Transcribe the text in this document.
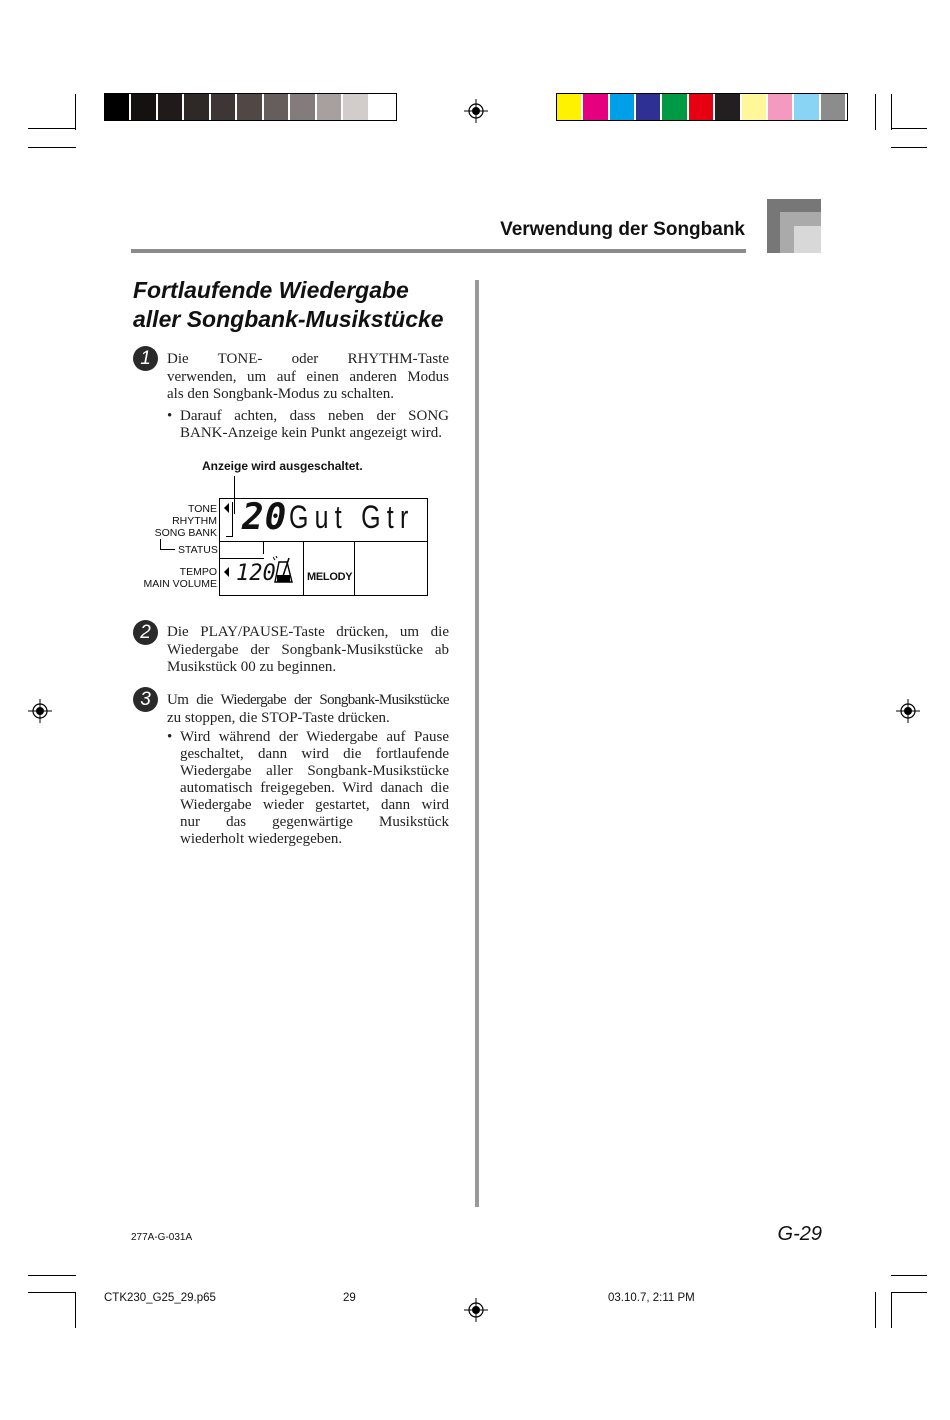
Verwendung der Songbank
Fortlaufende Wiedergabe
aller Songbank-Musikstücke
1	Die TONE- oder RHYTHM-Taste
verwenden, um auf einen anderen Modus
als den Songbank-Modus zu schalten.
• Darauf achten, dass neben der SONG
BANK-Anzeige kein Punkt angezeigt wird.
Anzeige wird ausgeschaltet.
TONE
RHYTHM
SONG BANK
STATUS
TEMPO
MAIN VOLUME
20 Gut Gtr
120	MELODY
2	Die PLAY/PAUSE-Taste drücken, um die
Wiedergabe der Songbank-Musikstücke ab
Musikstück 00 zu beginnen.
3	Um die Wiedergabe der Songbank-Musikstücke
zu stoppen, die STOP-Taste drücken.
• Wird während der Wiedergabe auf Pause
geschaltet, dann wird die fortlaufende
Wiedergabe aller Songbank-Musikstücke
automatisch freigegeben. Wird danach die
Wiedergabe wieder gestartet, dann wird
nur das gegenwärtige Musikstück
wiederholt wiedergegeben.
277A-G-031A	G-29
CTK230_G25_29.p65	29	03.10.7, 2:11 PM
